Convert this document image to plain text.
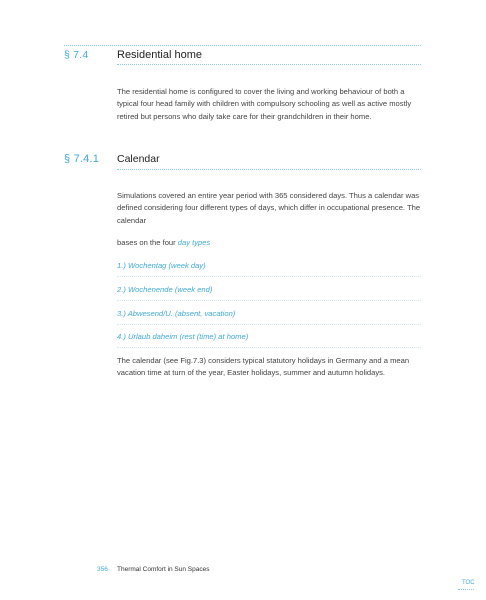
§ 7.4	Residential home

The residential home is configured to cover the living and working behaviour of both a typical four head family with children with compulsory schooling as well as active mostly retired but persons who daily take care for their grandchildren in their home.

§ 7.4.1 Calendar

Simulations covered an entire year period with 365 considered days. Thus a calendar was defined considering four different types of days, which differ in occupational presence. The calendar

bases on the four day types

1.) Wochentag (week day)

2.) Wochenende (week end)

3.) Abwesend/U. (absent, vacation)

4.) Urlaub daheim (rest (time) at home)

The calendar (see Fig.7.3) considers typical statutory holidays in Germany and a mean vacation time at turn of the year, Easter holidays, summer and autumn holidays.

356 Thermal Comfort in Sun Spaces
TOC
